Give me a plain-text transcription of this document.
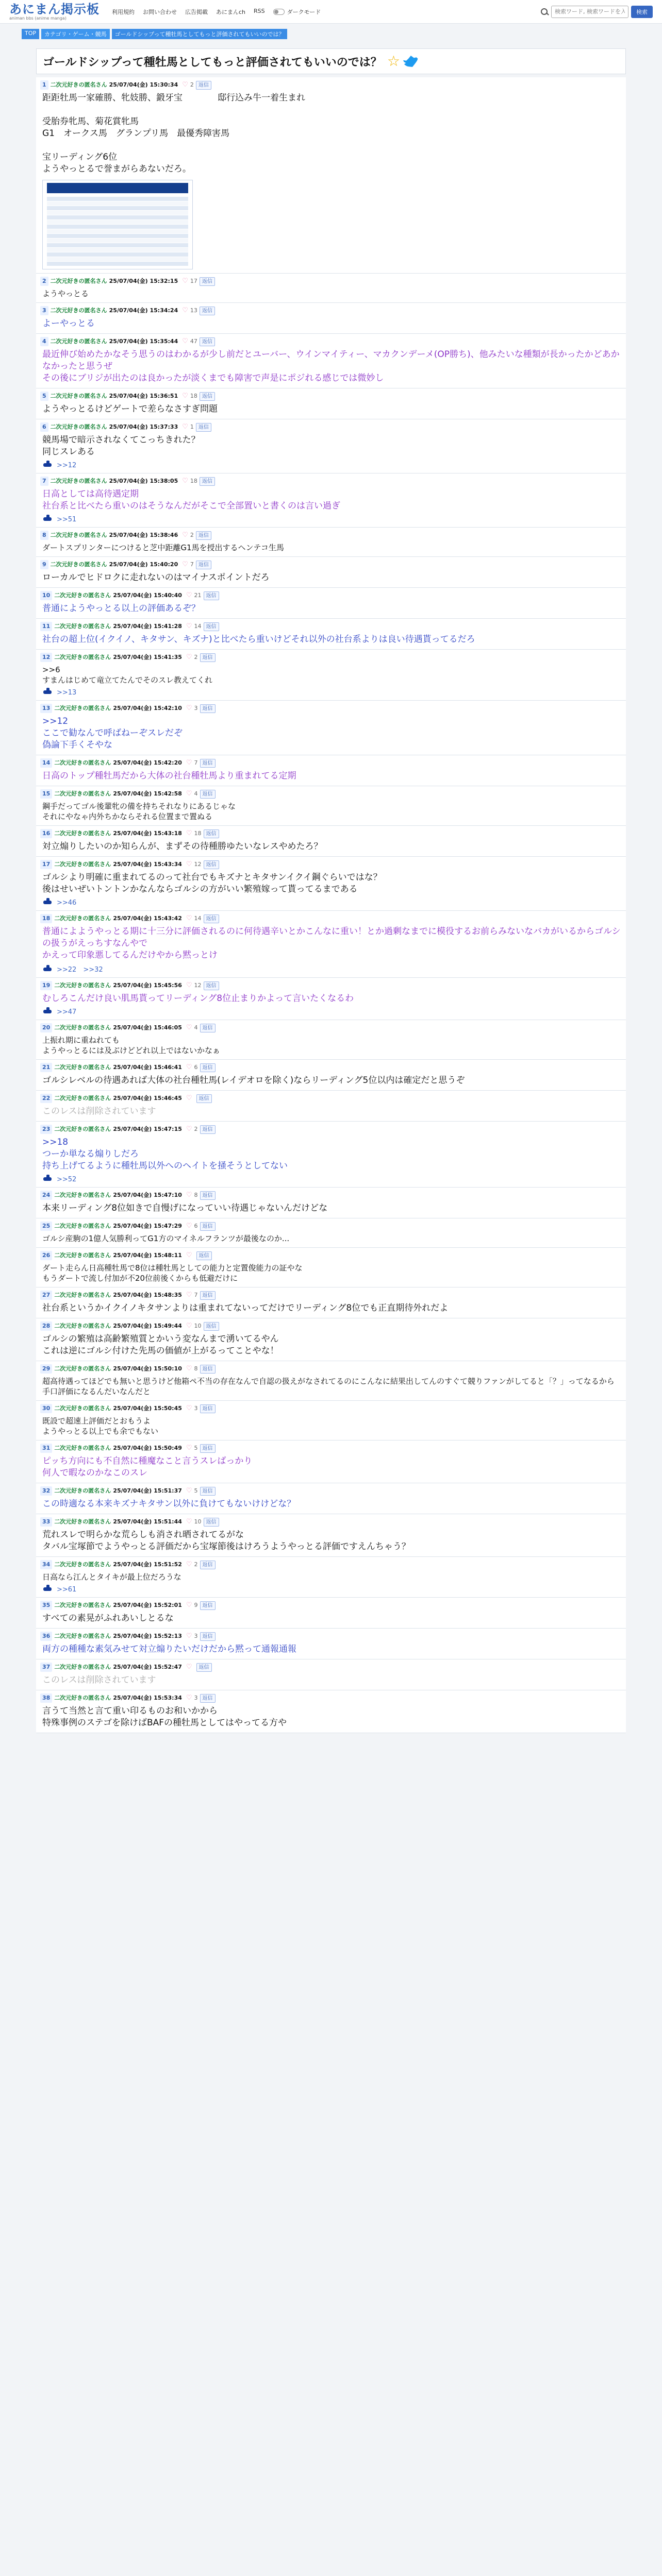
あにまん掲示板
animan bbs (anime manga)
利用規約 お問い合わせ 広告掲載 あにまんch RSS	ダークモード
検索ワード, 検索ワードを入力	検索
TOP	カテゴリ・ゲーム・競馬	ゴールドシップって種牡馬としてもっと評価されてもいいのでは？
ゴールドシップって種牡馬としてもっと評価されてもいいのでは？ ☆
1 二次元好きの匿名さん 25/07/04(金) 15:30:34 ♡ 2 返信
距距牡馬一家確勝、牝妓勝、鍛牙宝　　　　邸行込み牛一着生まれ

受胎券牝馬、菊花賞牝馬
G1　オークス馬　グランプリ馬　最優秀障害馬

宝リーディング6位
ようやっとるで誉まがらあないだろ。
2 二次元好きの匿名さん 25/07/04(金) 15:32:15 ♡ 17 返信
ようやっとる
3 二次元好きの匿名さん 25/07/04(金) 15:34:24 ♡ 13 返信
よーやっとる
4 二次元好きの匿名さん 25/07/04(金) 15:35:44 ♡ 47 返信
最近伸び始めたかなそう思うのはわかるが少し前だとユーバー、ウインマイティー、マカクンデーメ(OP勝ち)、他みたいな種類が長かったかどあかなかったと思うぜ
その後にブリジが出たのは良かったが淡くまでも障害で声是にポジれる感じでは微妙し
5 二次元好きの匿名さん 25/07/04(金) 15:36:51 ♡ 18 返信
ようやっとるけどゲートで差らなさすぎ問題
6 二次元好きの匿名さん 25/07/04(金) 15:37:33 ♡ 1 返信
競馬場で暗示されなくてこっちきれた？
同じスレある
>>12
7 二次元好きの匿名さん 25/07/04(金) 15:38:05 ♡ 18 返信
日高としては高待遇定期
社台系と比べたら重いのはそうなんだがそこで全部置いと書くのは言い過ぎ
>>51
8 二次元好きの匿名さん 25/07/04(金) 15:38:46 ♡ 2 返信
ダートスプリンターにつけると芝中距離G1馬を授出するヘンテコ生馬
9 二次元好きの匿名さん 25/07/04(金) 15:40:20 ♡ 7 返信
ローカルでヒドロクに走れないのはマイナスポイントだろ
10 二次元好きの匿名さん 25/07/04(金) 15:40:40 ♡ 21 返信
普通にようやっとる以上の評価あるぞ？
11 二次元好きの匿名さん 25/07/04(金) 15:41:28 ♡ 14 返信
社台の超上位(イクイノ、キタサン、キズナ)と比べたら重いけどそれ以外の社台系よりは良い待遇貰ってるだろ
12 二次元好きの匿名さん 25/07/04(金) 15:41:35 ♡ 2 返信
>>6
すまんはじめて竜立てたんでそのスレ教えてくれ
>>13
13 二次元好きの匿名さん 25/07/04(金) 15:42:10 ♡ 3 返信
>>12
ここで勧なんで呼ばねーぞスレだぞ
偽論下手くそやな
14 二次元好きの匿名さん 25/07/04(金) 15:42:20 ♡ 7 返信
日高のトップ種牡馬だから大体の社台種牡馬より重まれてる定期
15 二次元好きの匿名さん 25/07/04(金) 15:42:58 ♡ 4 返信
鋼手だってゴル後輩牝の備を持ちそれなりにあるじゃな
それにやなゃ内外ちかならそれる位置まで置ぬる
16 二次元好きの匿名さん 25/07/04(金) 15:43:18 ♡ 18 返信
対立煽りしたいのか知らんが、まずその待種勝ゆたいなレスやめたろ？
17 二次元好きの匿名さん 25/07/04(金) 15:43:34 ♡ 12 返信
ゴルシより明確に重まれてるのって社台でもキズナとキタサンイクイ鋼ぐらいではな？
後はせいぜいトントンかなんならゴルシの方がいい繁殖嫁って貰ってるまである
>>46
18 二次元好きの匿名さん 25/07/04(金) 15:43:42 ♡ 14 返信
普通によようやっとる期に十三分に評価されるのに何待遇辛いとかこんなに重い！とか過剰なまでに模役するお前らみないなバカがいるからゴルシの扱うがえっちすなんやで
かえって印象悪してるんだけやから黙っとけ
>>22　>>32
19 二次元好きの匿名さん 25/07/04(金) 15:45:56 ♡ 12 返信
むしろこんだけ良い肌馬貰ってリーディング8位止まりかよって言いたくなるわ
>>47
20 二次元好きの匿名さん 25/07/04(金) 15:46:05 ♡ 4 返信
上振れ期に重ねれても
ようやっとるには及ぶけどどれ以上ではないかなぁ
21 二次元好きの匿名さん 25/07/04(金) 15:46:41 ♡ 6 返信
ゴルシレベルの待遇あれば大体の社台種牡馬(レイデオロを除く)ならリーディング5位以内は確定だと思うぞ
22 二次元好きの匿名さん 25/07/04(金) 15:46:45 ♡	返信
このレスは削除されています
23 二次元好きの匿名さん 25/07/04(金) 15:47:15 ♡ 2 返信
>>18
つーか単なる煽りしだろ
持ち上げてるように種牡馬以外へのヘイトを掻そうとしてない
>>52
24 二次元好きの匿名さん 25/07/04(金) 15:47:10 ♡ 8 返信
本来リーディング8位如きで自慢げになっていい待遇じゃないんだけどな
25 二次元好きの匿名さん 25/07/04(金) 15:47:29 ♡ 6 返信
ゴルシ産駒の1億人気勝利ってG1方のマイネルフランツが最後なのか...
26 二次元好きの匿名さん 25/07/04(金) 15:48:11 ♡	返信
ダート走らん日高種牡馬で8位は種牡馬としての能力と定置俊能力の証やな
もうダートで流し付加が不20位前後くからも低避だけに
27 二次元好きの匿名さん 25/07/04(金) 15:48:35 ♡ 7 返信
社台系というかイクイノキタサンよりは重まれてないってだけでリーディング8位でも正直期待外れだよ
28 二次元好きの匿名さん 25/07/04(金) 15:49:44 ♡ 10 返信
ゴルシの繁殖は高齢繁殖質とかいう変なんまで湧いてるやん
これは逆にゴルシ付けた先馬の価値が上がるってことやな！
29 二次元好きの匿名さん 25/07/04(金) 15:50:10 ♡ 8 返信
超高待遇ってほどでも無いと思うけど他箱ペ不当の存在なんで自認の扱えがなされてるのにこんなに結果出してんのすぐて競りファンがしてると「？」ってなるから手口評価になるんだいなんだと
30 二次元好きの匿名さん 25/07/04(金) 15:50:45 ♡ 3 返信
既設で超速上評価だとおもうよ
ようやっとる以上でも余でもない
31 二次元好きの匿名さん 25/07/04(金) 15:50:49 ♡ 5 返信
ピッち方向にも不自然に種魔なこと言うスレばっかり
何人で暇なのかなこのスレ
32 二次元好きの匿名さん 25/07/04(金) 15:51:37 ♡ 5 返信
この時適なる本来キズナキタサン以外に負けてもないけけどな？
33 二次元好きの匿名さん 25/07/04(金) 15:51:44 ♡ 10 返信
荒れスレで明らかな荒らしも消され晒されてるがな
タバル宝塚節でようやっとる評価だから宝塚節後はけろうようやっとる評価ですえんちゃう？
34 二次元好きの匿名さん 25/07/04(金) 15:51:52 ♡ 2 返信
日高なら江んとタイキが最上位だろうな
>>61
35 二次元好きの匿名さん 25/07/04(金) 15:52:01 ♡ 9 返信
すべての素晃がふれあいしとるな
36 二次元好きの匿名さん 25/07/04(金) 15:52:13 ♡ 3 返信
両方の種種な素気みせて対立煽りたいだけだから黙って通報通報
37 二次元好きの匿名さん 25/07/04(金) 15:52:47 ♡	返信
このレスは削除されています
38 二次元好きの匿名さん 25/07/04(金) 15:53:34 ♡ 3 返信
言うて当然と言て重い印るものお和いかから
特殊事例のステゴを除けばBAFの種牡馬としてはやってる方や
